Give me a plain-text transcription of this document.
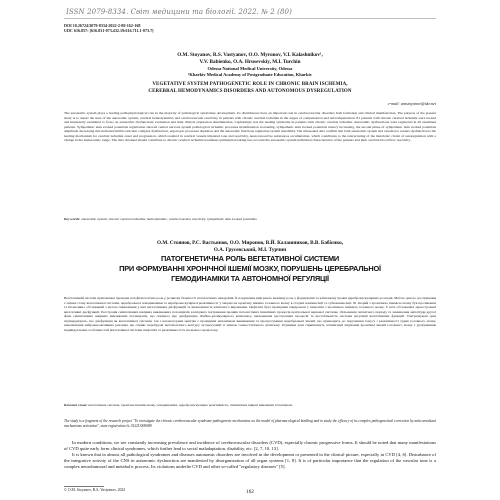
ISSN 2079-8334. Світ медицини та біології. 2022. № 2 (80)
DOI 10.26724/2079-8334-2022-2-80-162-168
UDC 616.857: [616.831-073.432.19:616.711.1-073.7]
O.M. Stoyanov, R.S. Vastyanov, O.O. Myronov, V.I. Kalashnikov¹,
V.V. Babienko, O.A. Hrusevskiy, M.I. Turchin
Odessa National Medical University, Odessa
¹Kharkiv Medical Academy of Postgraduate Education, Kharkiv
VEGETATIVE SYSTEM PATHOGENETIC ROLE IN CHRONIC BRAIN ISCHEMIA,
CEREBRAL HEMODYNAMICS DISORDERS AND AUTONOMOUS DYSREGULATION
e-mail: amstoyanov@ukr.net
The autonomic system plays a leading pathophysiological role in the majority of pathological syndromes development. Its disturbances have an important role in cerebrovascular disorders both formation and clinical manifestation. The purpose of the present study is to assess the state of the autonomic system, cerebral hemodynamics and cerebrovascular reactivity in patients with chronic cerebral ischemia in the stages of compensation and subcompensation. 81 patients with chronic cerebral ischemia were treated and intensively examined to focus on autonomic dysfunctions evaluation and their clinical expression determination. Cephalalgia was the leading syndrome in patients with chronic cerebral ischemia. Autonomic dysfunctions were registered in all examined patients. Sympathetic skin evoked potentials registration showed central nervous system pathological ischemic processes manifestation worsening, sympathetic skin evoked potentials latency increasing, the second phase of sympathetic skin evoked potentials amplitude decreasing that indicated limbic-reticular complex dysfunction, ergotropic processes depletion and the autonomic functions regulation system instability. The ultrasound data confirm that both autonomic system and vasomotor centers dysfunction is the leading mechanism for cerebral ischemia onset and progression, which resulted in cerebral vessels impaired tone and reactivity, neurovasoactive substances accumulation, which contributes to the restructuring of the metabolic circuit of autoregulation with a change in the homeostatic range. The data obtained should contribute to chronic cerebral ischemia treatment optimization taking into account the autonomic system individual characteristics of the patients and their cerebral blood flow reactivity.
Key words: autonomic system, chronic cerebral ischemia, hemodynamic, cerebrovascular reactivity, sympathetic skin evoked potentials
О.М. Стоянов, Р.С. Вастьянов, О.О. Миронов, В.Й. Калашников, В.В. Бабієнко,
О.А. Грусевський, М.І. Турчин
ПАТОГЕНЕТИЧНА РОЛЬ ВЕГЕТАТИВНОЇ СИСТЕМИ
ПРИ ФОРМУВАННІ ХРОНІЧНОЇ ІШЕМІЇ МОЗКУ, ПОРУШЕНЬ ЦЕРЕБРАЛЬНОЇ
ГЕМОДИНАМІКИ ТА АВТОНОМНОЇ РЕГУЛЯЦІЇ
Вегетативній системі притаманна провідна патофізіологічна роль у розвитку більшості патологічних синдромів. Її порушення відіграють важливу роль у формуванні та клінічному прояві цереброваскулярних розладів. Метою даного дослідження є оцінка стану вегетативної системи, церебральної гемодинаміки та цереброваскулярної реактивності у хворих на хронічну ішемію головного мозку в стадіях компенсації та субкомпенсації. 81 хворий з хронічною ішемією мозку був проліковані та інтенсивно обстежений з метою оцінювання у них вегетативних дисфункцій та визначення їх клінічного вираження. Цефалгія була провідним синдромом у пацієнтів з хронічною ішемією головного мозку. У всіх обстежених зареєстровані вегетативні дисфункції. Реєстрація симпатичних шкірних викликаних потенціалів засвідчила погіршення проявів патологічних ішемічних процесів центральної нервової системи, збільшення латентного періоду та зменшення амплітуди другої фази симпатичних шкірних викликаних потенціалів, що свідчило про дисфункцію лімбіко-ретикулярного комплексу, виснаження ерготропних процесів та нестабільність системи регуляції вегетативних функцій. Ультразвукові дані підтверджують, що дисфункція як вегетативної системи, так і вазомоторних центрів є провідним механізмом виникнення та прогресування церебральної ішемії, що призводить до порушення тонусу і реактивності судин головного мозку, накопичення нейровазоактивних речовин, що сприяє перебудові метаболічного контуру ауторегуляції зі зміною гомеостатичного діапазону. Отримані дані сприятимуть оптимізації лікування хронічної ішемії головного мозку з урахуванням індивідуальних особливостей вегетативної системи пацієнтів та реактивності їх мозкового кровотоку.
Ключові слова: вегетативна система, хронічна ішемія мозку, гемодинаміка, цереброваскулярна реактивність, симпатичні шкірні викликані потенціали.
The study is a fragment of the research project "To investigate the chronic cerebrovascular syndrome pathogenetic mechanisms on the model of pharmacological kindling and to study the efficacy of its complex pathogenetical correction by anticonvulsant mechanisms activation", state registration № 0122U000088

In modern conditions, we see constantly increasing prevalence and incidence of cerebrovascular disorders (CVD), especially chronic progressive forms. It should be noted that many manifestations of CVD quite early form clinical syndromes, which further lead to social maladaptation, disability, etc. [2, 7, 10, 13].

It is known that in almost all pathological syndromes and diseases autonomic disorders are involved in the development or presented in the clinical picture, especially in CVD [4, 6]. Disturbance of the integrative activity of the CNS in autonomic dysfunction are manifested by disorganization of all organ systems [1, 8]. It is of particular importance that the regulation of the vascular tone is a complex neurohumoral and metabolic process. Its violations underlie CVD and other so-called "regulatory diseases" [5].

© O.M. Stoyanov, R.S. Vastyanov, 2022	162
